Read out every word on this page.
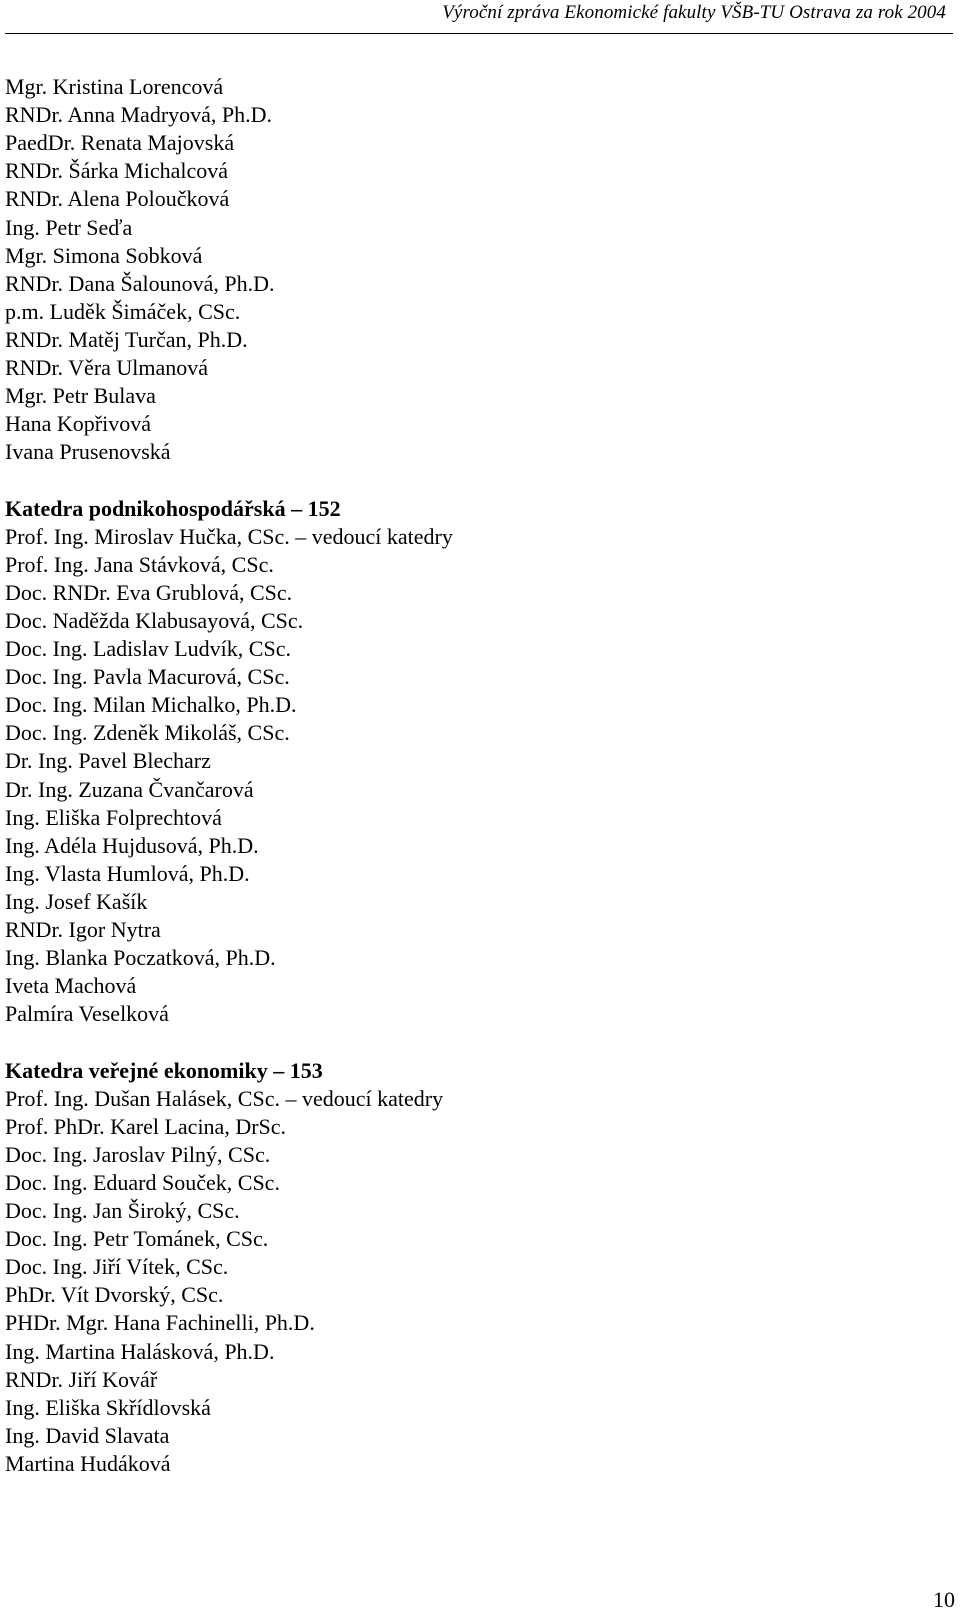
Výroční zpráva Ekonomické fakulty VŠB-TU Ostrava za rok 2004
Mgr. Kristina Lorencová
RNDr. Anna Madryová, Ph.D.
PaedDr. Renata Majovská
RNDr. Šárka Michalcová
RNDr. Alena Poloučková
Ing. Petr Seďa
Mgr. Simona Sobková
RNDr. Dana Šalounová, Ph.D.
p.m. Luděk Šimáček, CSc.
RNDr. Matěj Turčan, Ph.D.
RNDr. Věra Ulmanová
Mgr. Petr Bulava
Hana Kopřivová
Ivana Prusenovská
Katedra podnikohospodářská – 152
Prof. Ing. Miroslav Hučka, CSc. – vedoucí katedry
Prof. Ing. Jana Stávková, CSc.
Doc. RNDr. Eva Grublová, CSc.
Doc. Naděžda Klabusayová, CSc.
Doc. Ing. Ladislav Ludvík, CSc.
Doc. Ing. Pavla Macurová, CSc.
Doc. Ing. Milan Michalko, Ph.D.
Doc. Ing. Zdeněk Mikoláš, CSc.
Dr. Ing. Pavel Blecharz
Dr. Ing. Zuzana Čvančarová
Ing. Eliška Folprechtová
Ing. Adéla Hujdusová, Ph.D.
Ing. Vlasta Humlová, Ph.D.
Ing. Josef Kašík
RNDr. Igor Nytra
Ing. Blanka Poczatková, Ph.D.
Iveta Machová
Palmíra Veselková
Katedra veřejné ekonomiky – 153
Prof. Ing. Dušan Halásek, CSc. – vedoucí katedry
Prof. PhDr. Karel Lacina, DrSc.
Doc. Ing. Jaroslav Pilný, CSc.
Doc. Ing. Eduard Souček, CSc.
Doc. Ing. Jan Široký, CSc.
Doc. Ing. Petr Tománek, CSc.
Doc. Ing. Jiří Vítek, CSc.
PhDr. Vít Dvorský, CSc.
PHDr. Mgr. Hana Fachinelli, Ph.D.
Ing. Martina Halásková, Ph.D.
RNDr. Jiří Kovář
Ing. Eliška Skřídlovská
Ing. David Slavata
Martina Hudáková
10
